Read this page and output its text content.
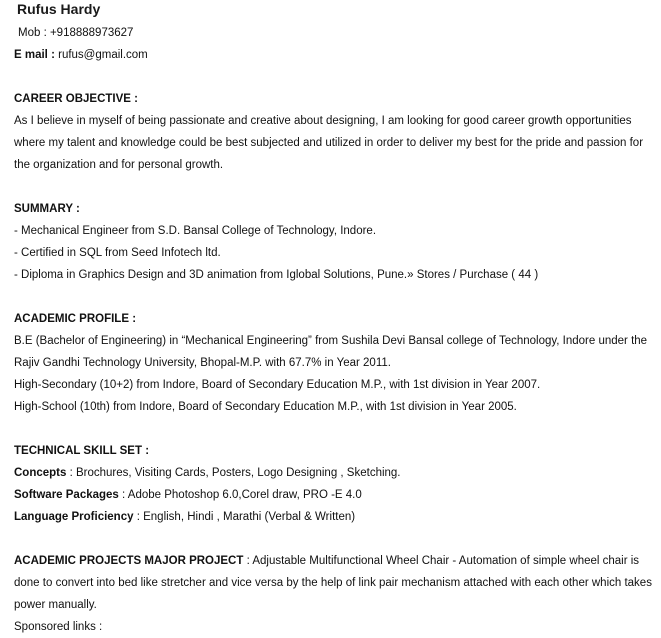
Rufus Hardy
Mob : +918888973627
E mail : rufus@gmail.com
CAREER OBJECTIVE :
As I believe in myself of being passionate and creative about designing, I am looking for good career growth opportunities where my talent and knowledge could be best subjected and utilized in order to deliver my best for the pride and passion for the organization and for personal growth.
SUMMARY :
- Mechanical Engineer from S.D. Bansal College of Technology, Indore.
- Certified in SQL from Seed Infotech ltd.
- Diploma in Graphics Design and 3D animation from Iglobal Solutions, Pune.» Stores / Purchase ( 44 )
ACADEMIC PROFILE :
B.E (Bachelor of Engineering) in “Mechanical Engineering” from Sushila Devi Bansal college of Technology, Indore under the Rajiv Gandhi Technology University, Bhopal-M.P. with 67.7% in Year 2011.
High-Secondary (10+2) from Indore, Board of Secondary Education M.P., with 1st division in Year 2007.
High-School (10th) from Indore, Board of Secondary Education M.P., with 1st division in Year 2005.
TECHNICAL SKILL SET :
Concepts : Brochures, Visiting Cards, Posters, Logo Designing , Sketching.
Software Packages : Adobe Photoshop 6.0,Corel draw, PRO -E 4.0
Language Proficiency : English, Hindi , Marathi (Verbal & Written)
ACADEMIC PROJECTS MAJOR PROJECT : Adjustable Multifunctional Wheel Chair - Automation of simple wheel chair is done to convert into bed like stretcher and vice versa by the help of link pair mechanism attached with each other which takes power manually.
Sponsored links :
